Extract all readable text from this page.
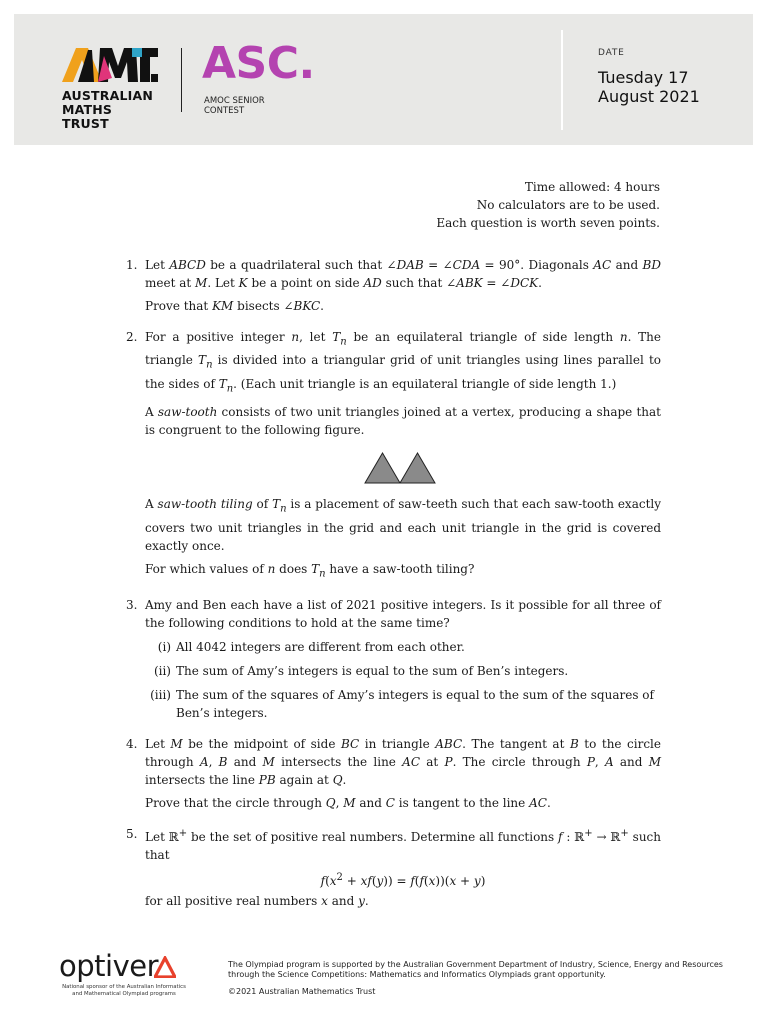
AUSTRALIAN
MATHS TRUST
ASC.
AMOC SENIOR
CONTEST
DATE
Tuesday 17
August 2021
Time allowed: 4 hours
No calculators are to be used.
Each question is worth seven points.
1. Let ABCD be a quadrilateral such that ∠DAB = ∠CDA = 90°. Diagonals AC and BD meet at M. Let K be a point on side AD such that ∠ABK = ∠DCK.

Prove that KM bisects ∠BKC.

2. For a positive integer n, let $T_n$ be an equilateral triangle of side length n. The triangle $T_n$ is divided into a triangular grid of unit triangles using lines parallel to the sides of $T_n$. (Each unit triangle is an equilateral triangle of side length 1.)

A saw-tooth consists of two unit triangles joined at a vertex, producing a shape that is congruent to the following figure.

A saw-tooth tiling of $T_n$ is a placement of saw-teeth such that each saw-tooth exactly covers two unit triangles in the grid and each unit triangle in the grid is covered exactly once.

For which values of n does $T_n$ have a saw-tooth tiling?

3. Amy and Ben each have a list of 2021 positive integers. Is it possible for all three of the following conditions to hold at the same time?

(i) All 4042 integers are different from each other.
(ii) The sum of Amy’s integers is equal to the sum of Ben’s integers.
(iii) The sum of the squares of Amy’s integers is equal to the sum of the squares of Ben’s integers.
4. Let M be the midpoint of side BC in triangle ABC. The tangent at B to the circle through A, B and M intersects the line AC at P. The circle through P, A and M intersects the line PB again at Q.

Prove that the circle through Q, M and C is tangent to the line AC.

5. Let ℝ+ be the set of positive real numbers. Determine all functions f : ℝ+ → ℝ+ such that

$f(x^2 + xf(y)) = f(f(x))(x + y)$

for all positive real numbers x and y.

optiver
National sponsor of the Australian Informatics
and Mathematical Olympiad programs
The Olympiad program is supported by the Australian Government Department of Industry, Science, Energy and Resources through the Science Competitions: Mathematics and Informatics Olympiads grant opportunity.
©2021 Australian Mathematics Trust
